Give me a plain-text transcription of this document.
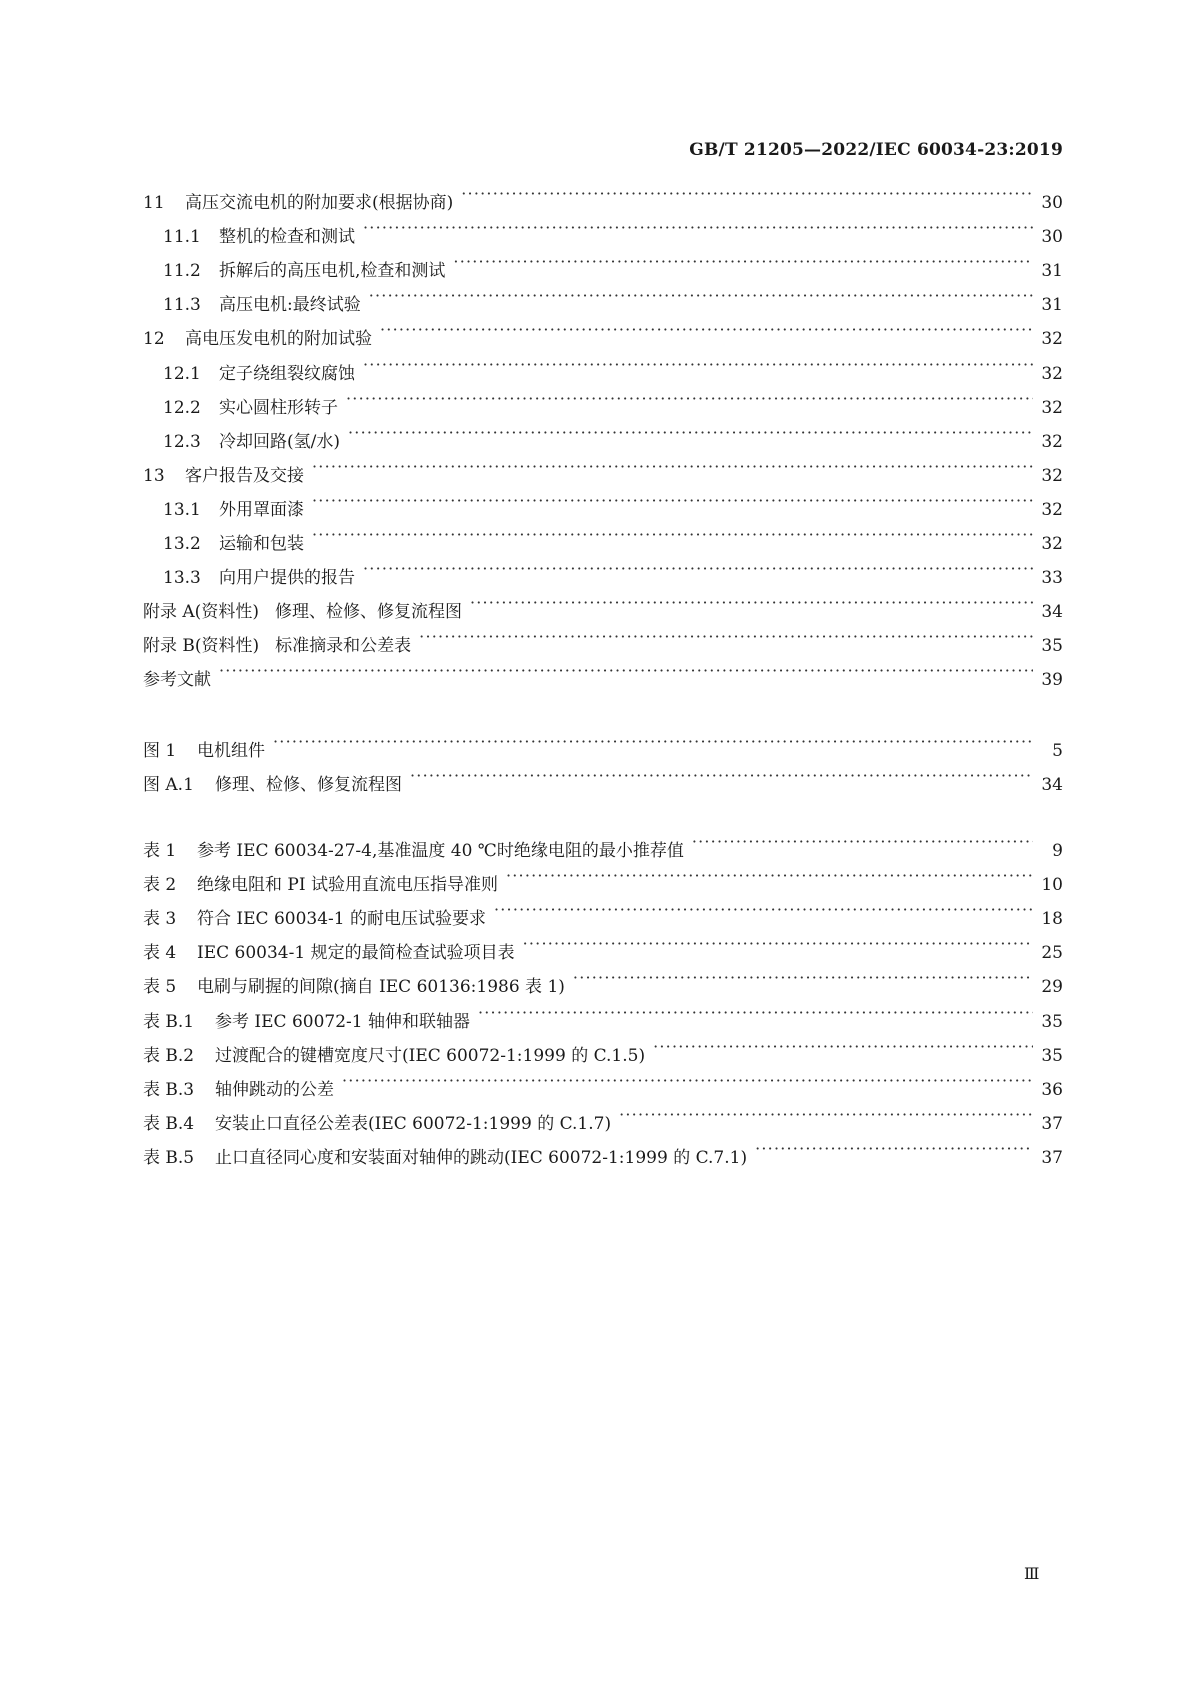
GB/T 21205—2022/IEC 60034-23:2019
11	高压交流电机的附加要求(根据协商) ·····	30
11.1	整机的检查和测试 ·····	30
11.2	拆解后的高压电机,检查和测试 ·····	31
11.3	高压电机:最终试验 ·····	31
12	高电压发电机的附加试验 ·····	32
12.1	定子绕组裂纹腐蚀 ·····	32
12.2	实心圆柱形转子 ·····	32
12.3	冷却回路(氢/水) ·····	32
13	客户报告及交接 ·····	32
13.1	外用罩面漆 ·····	32
13.2	运输和包装 ·····	32
13.3	向用户提供的报告 ·····	33
附录 A(资料性) 修理、检修、修复流程图 ·····	34
附录 B(资料性) 标准摘录和公差表 ·····	35
参考文献 ·····	39
图 1	电机组件 ·····	5
图 A.1	修理、检修、修复流程图 ·····	34
表 1	参考 IEC 60034-27-4,基准温度 40 ℃时绝缘电阻的最小推荐值 ·····	9
表 2	绝缘电阻和 PI 试验用直流电压指导准则 ·····	10
表 3	符合 IEC 60034-1 的耐电压试验要求 ·····	18
表 4	IEC 60034-1 规定的最简检查试验项目表 ·····	25
表 5	电刷与刷握的间隙(摘自 IEC 60136:1986 表 1) ·····	29
表 B.1	参考 IEC 60072-1 轴伸和联轴器 ·····	35
表 B.2	过渡配合的键槽宽度尺寸(IEC 60072-1:1999 的 C.1.5) ·····	35
表 B.3	轴伸跳动的公差 ·····	36
表 B.4	安装止口直径公差表(IEC 60072-1:1999 的 C.1.7) ·····	37
表 B.5	止口直径同心度和安装面对轴伸的跳动(IEC 60072-1:1999 的 C.7.1) ·····	37
Ⅲ
